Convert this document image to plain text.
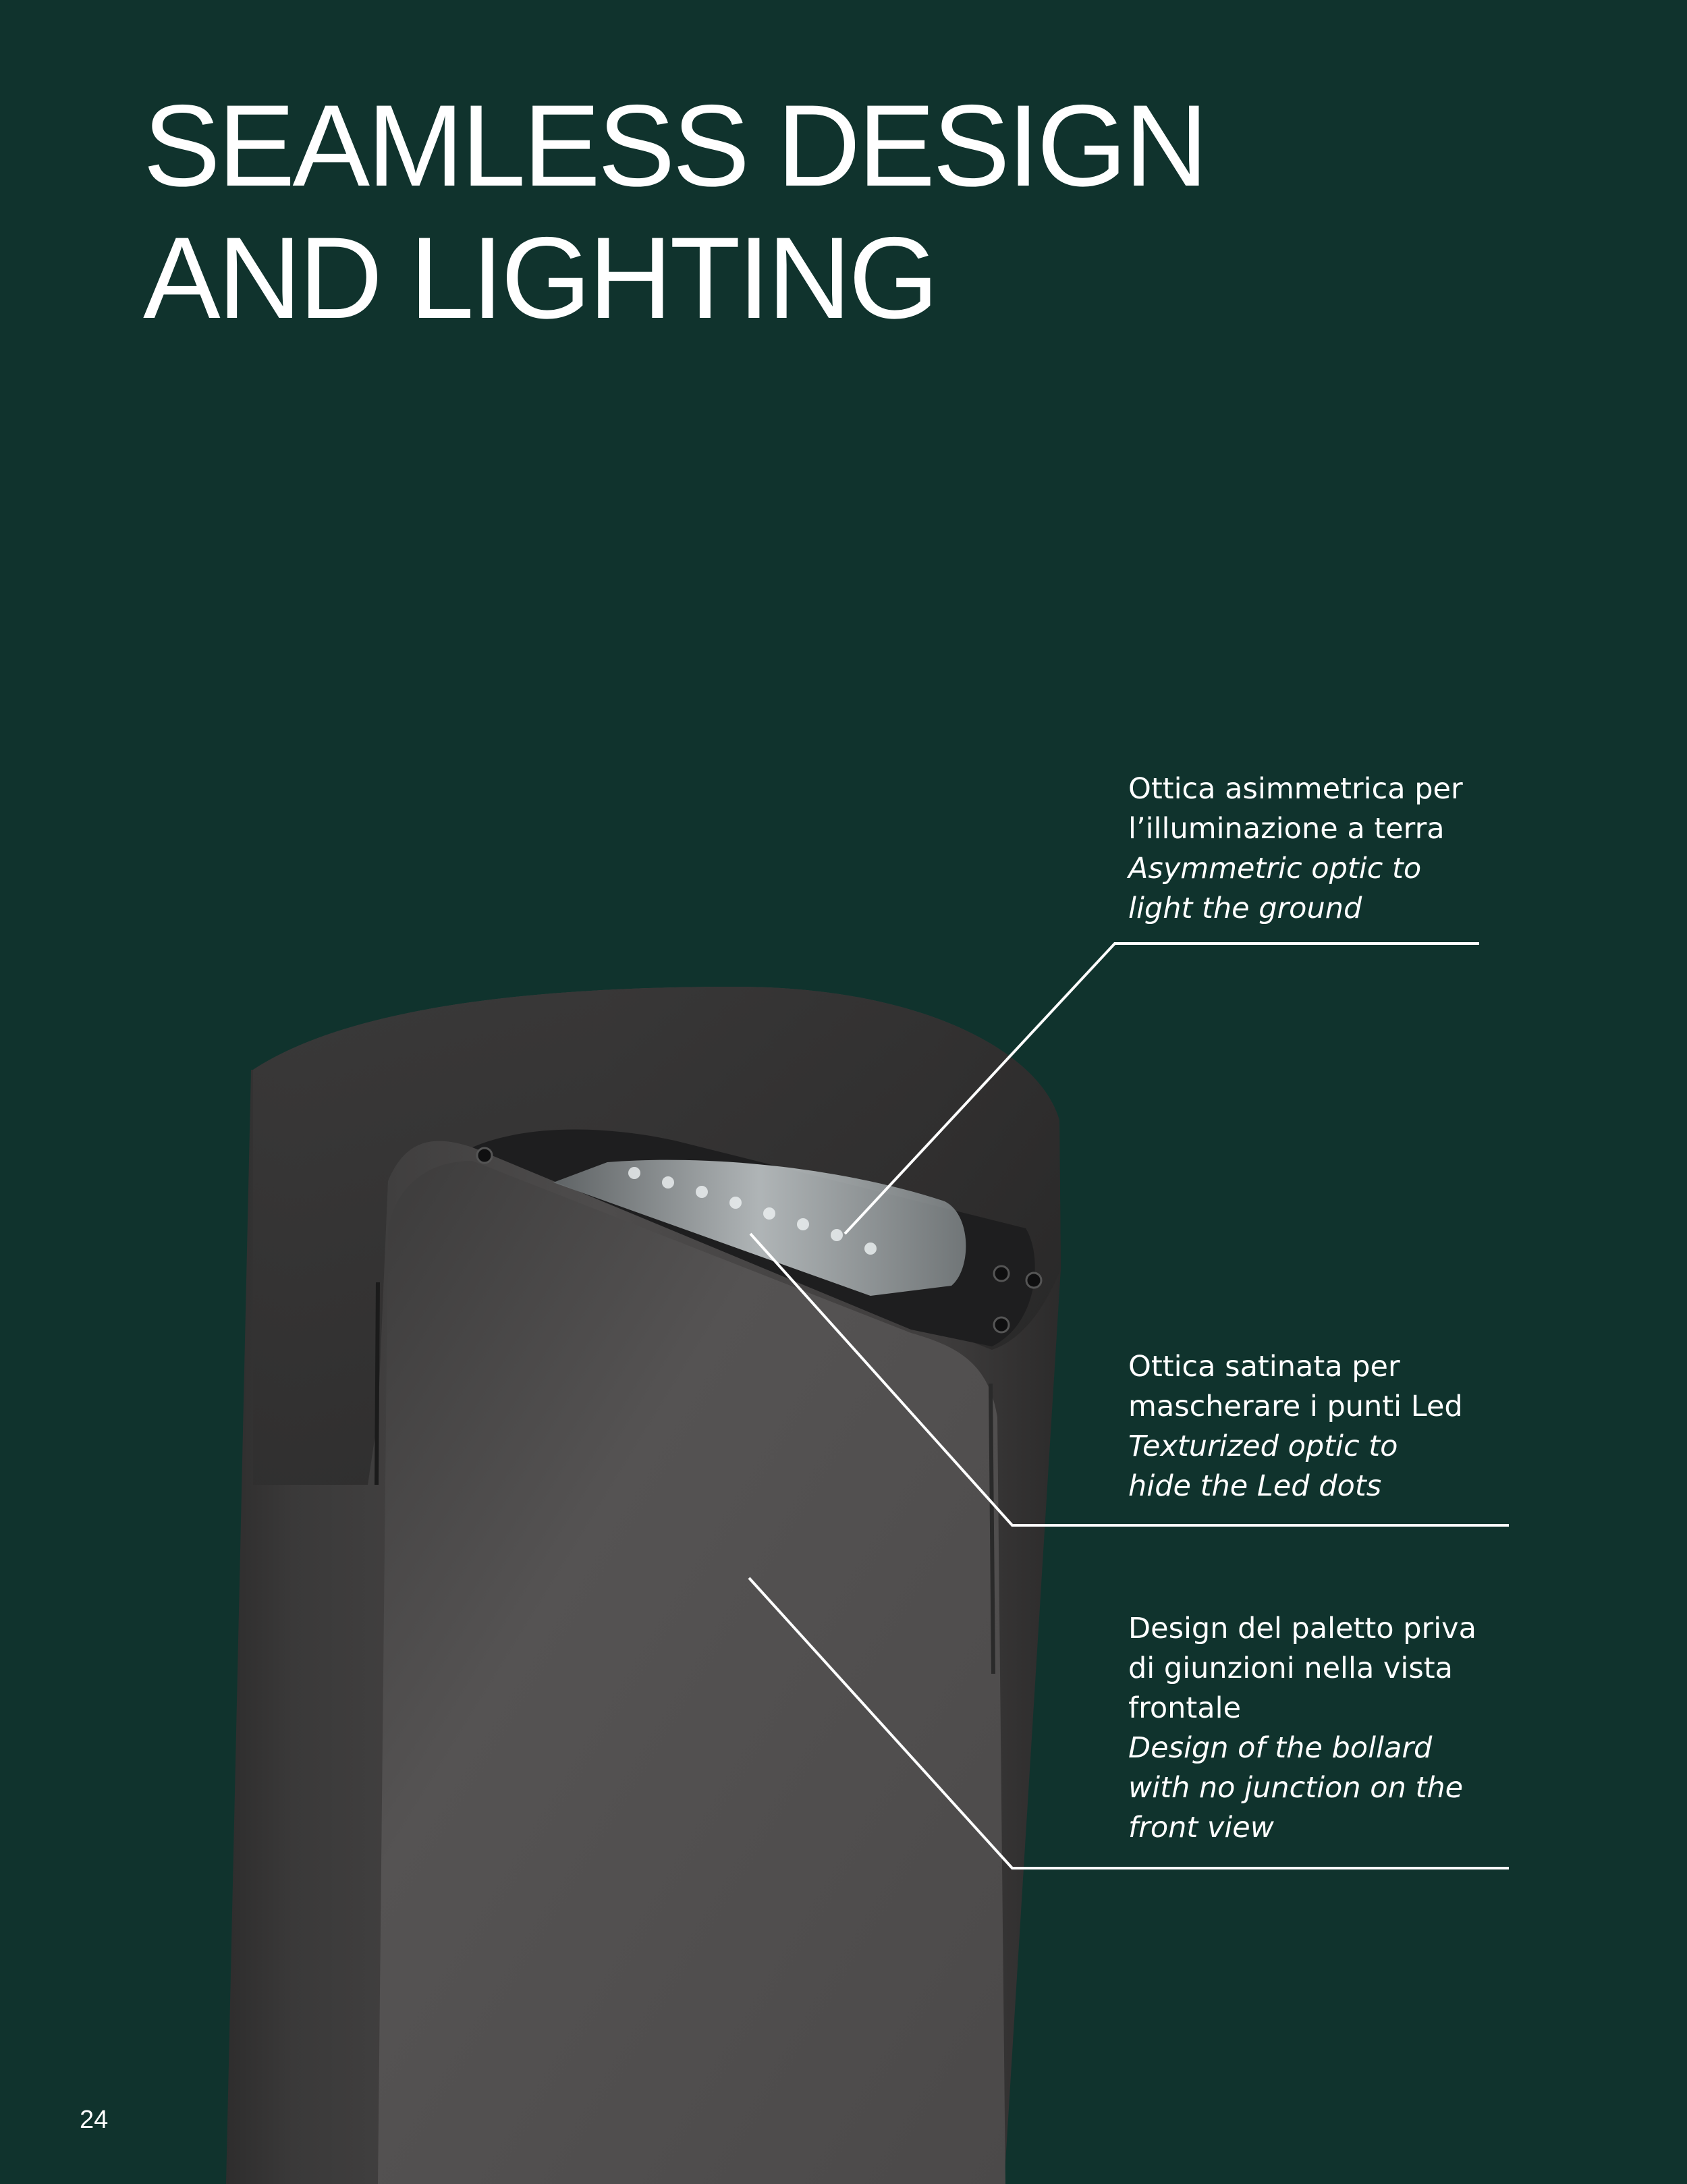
SEAMLESS DESIGN
AND LIGHTING
Ottica asimmetrica per
l’illuminazione a terra
Asymmetric optic to
light the ground
Ottica satinata per
mascherare i punti Led
Texturized optic to
hide the Led dots
Design del paletto priva
di giunzioni nella vista
frontale
Design of the bollard
with no junction on the
front view
24
